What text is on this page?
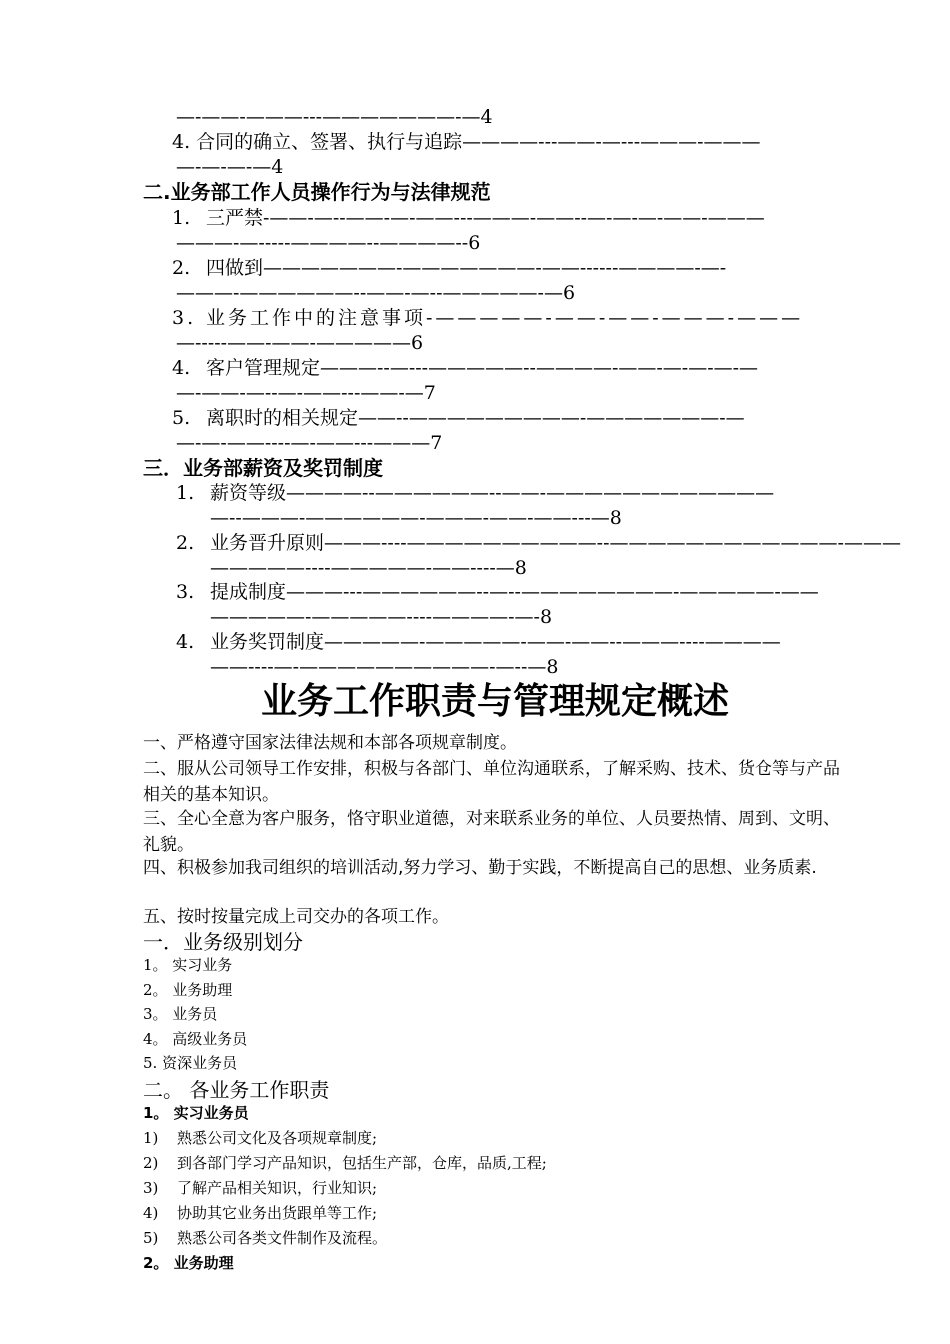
—-——-———---———————-—4
4. 合同的确立、签署、执行与追踪————---——-—---———-———
—-—-—-—4
二.业务部工作人员操作行为与法律规范
1. 三严禁-——-—--——-—-——---———-——--—-—-—-——-———
———-—-----————--————--6
2. 四做到———————-———————-——------————-—-
———-——————--——-—--—————-—6
3. 业务工作中的注意事项-—————-——-——-———-———
—-----——-——-—————6
4. 客户管理规定———--—---—————--————-——-—-—-—-—
—-——-—--—-——---——-—7
5. 离职时的相关规定——--—————————-———————-—
—-—-——----—-——---———7
三．业务部薪资及奖罚制度
1. 薪资等级————--——————--——-————————————
—--———-——————-———-——-——---—8
2. 业务晋升原则———----——————————--————————————-———
—————----—————-——----—8
3. 提成制度———---——————--—--————————-—————-——
—————-—————----————-—-8
4. 业务奖罚制度—————-—————-——-——--———----————
——----—-——————————-—--—8
业务工作职责与管理规定概述
一、严格遵守国家法律法规和本部各项规章制度。
二、服从公司领导工作安排，积极与各部门、单位沟通联系，了解采购、技术、货仓等与产品相关的基本知识。
三、全心全意为客户服务，恪守职业道德，对来联系业务的单位、人员要热情、周到、文明、礼貌。
四、积极参加我司组织的培训活动,努力学习、勤于实践，不断提高自己的思想、业务质素.
五、按时按量完成上司交办的各项工作。
一．业务级别划分
1。 实习业务
2。 业务助理
3。 业务员
4。 高级业务员
5. 资深业务员
二。 各业务工作职责
1。 实习业务员
1) 熟悉公司文化及各项规章制度;
2) 到各部门学习产品知识，包括生产部，仓库，品质,工程;
3) 了解产品相关知识，行业知识;
4) 协助其它业务出货跟单等工作;
5) 熟悉公司各类文件制作及流程。
2。 业务助理
